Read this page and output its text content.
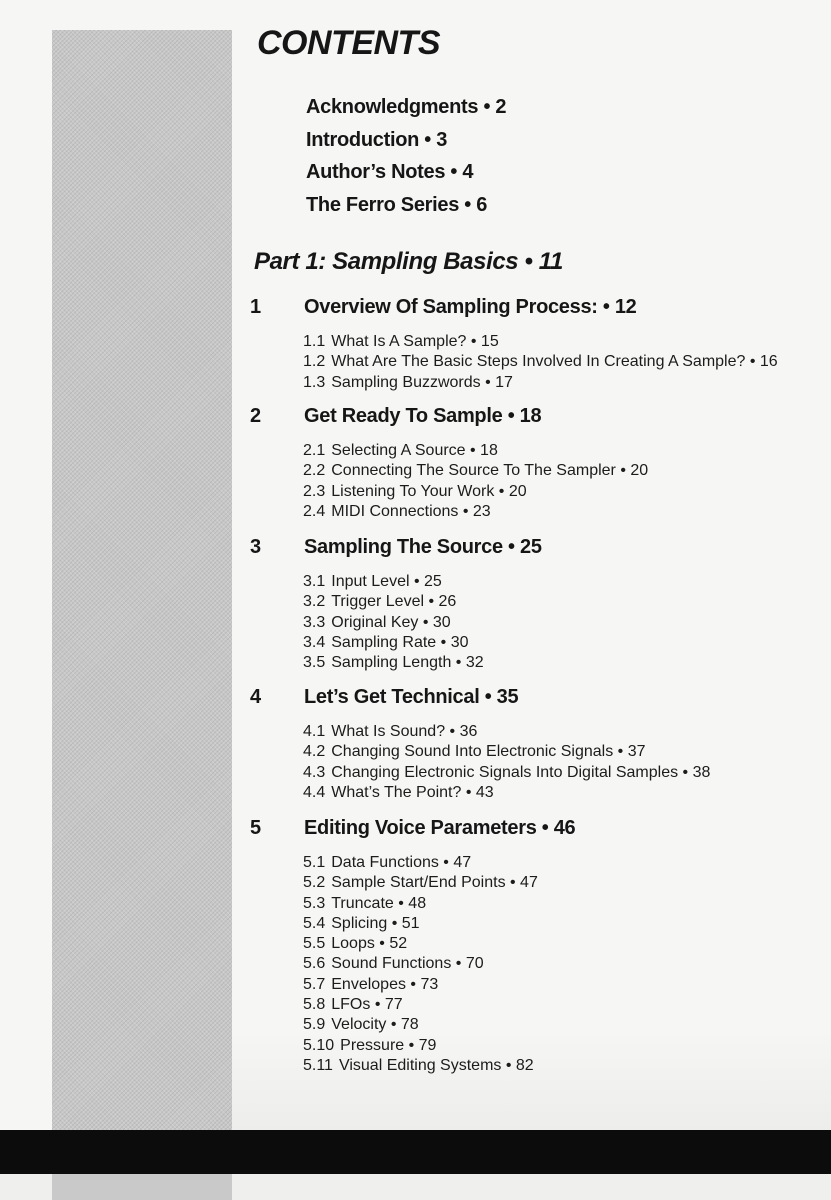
CONTENTS
Acknowledgments • 2
Introduction • 3
Author’s Notes • 4
The Ferro Series • 6
Part 1: Sampling Basics • 11
1 Overview Of Sampling Process: • 12
1.1 What Is A Sample? • 15
1.2 What Are The Basic Steps Involved In Creating A Sample? • 16
1.3 Sampling Buzzwords • 17
2 Get Ready To Sample • 18
2.1 Selecting A Source • 18
2.2 Connecting The Source To The Sampler • 20
2.3 Listening To Your Work • 20
2.4 MIDI Connections • 23
3 Sampling The Source • 25
3.1 Input Level • 25
3.2 Trigger Level • 26
3.3 Original Key • 30
3.4 Sampling Rate • 30
3.5 Sampling Length • 32
4 Let’s Get Technical • 35
4.1 What Is Sound? • 36
4.2 Changing Sound Into Electronic Signals • 37
4.3 Changing Electronic Signals Into Digital Samples • 38
4.4 What’s The Point? • 43
5 Editing Voice Parameters • 46
5.1 Data Functions • 47
5.2 Sample Start/End Points • 47
5.3 Truncate • 48
5.4 Splicing • 51
5.5 Loops • 52
5.6 Sound Functions • 70
5.7 Envelopes • 73
5.8 LFOs • 77
5.9 Velocity • 78
5.10 Pressure • 79
5.11 Visual Editing Systems • 82
